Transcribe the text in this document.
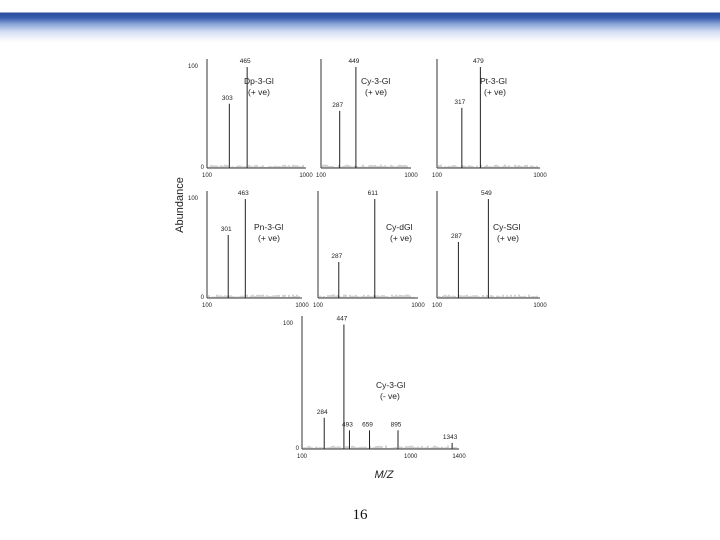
100
0
100	1000
303
465
Dp-3-Gl
(+ ve)
100	1000
287
449
Cy-3-Gl
(+ ve)
100	1000
317
479
Pt-3-Gl
(+ ve)
100
0
100	1000
301
463
Pn-3-Gl
(+ ve)
100	1000
287
611
Cy-dGl
(+ ve)
100	1000
287
549
Cy-SGl
(+ ve)
100
0
100	1000	1400
284
447
493 659	895
1343
Cy-3-Gl
(- ve)
Abundance
M/Z
16
